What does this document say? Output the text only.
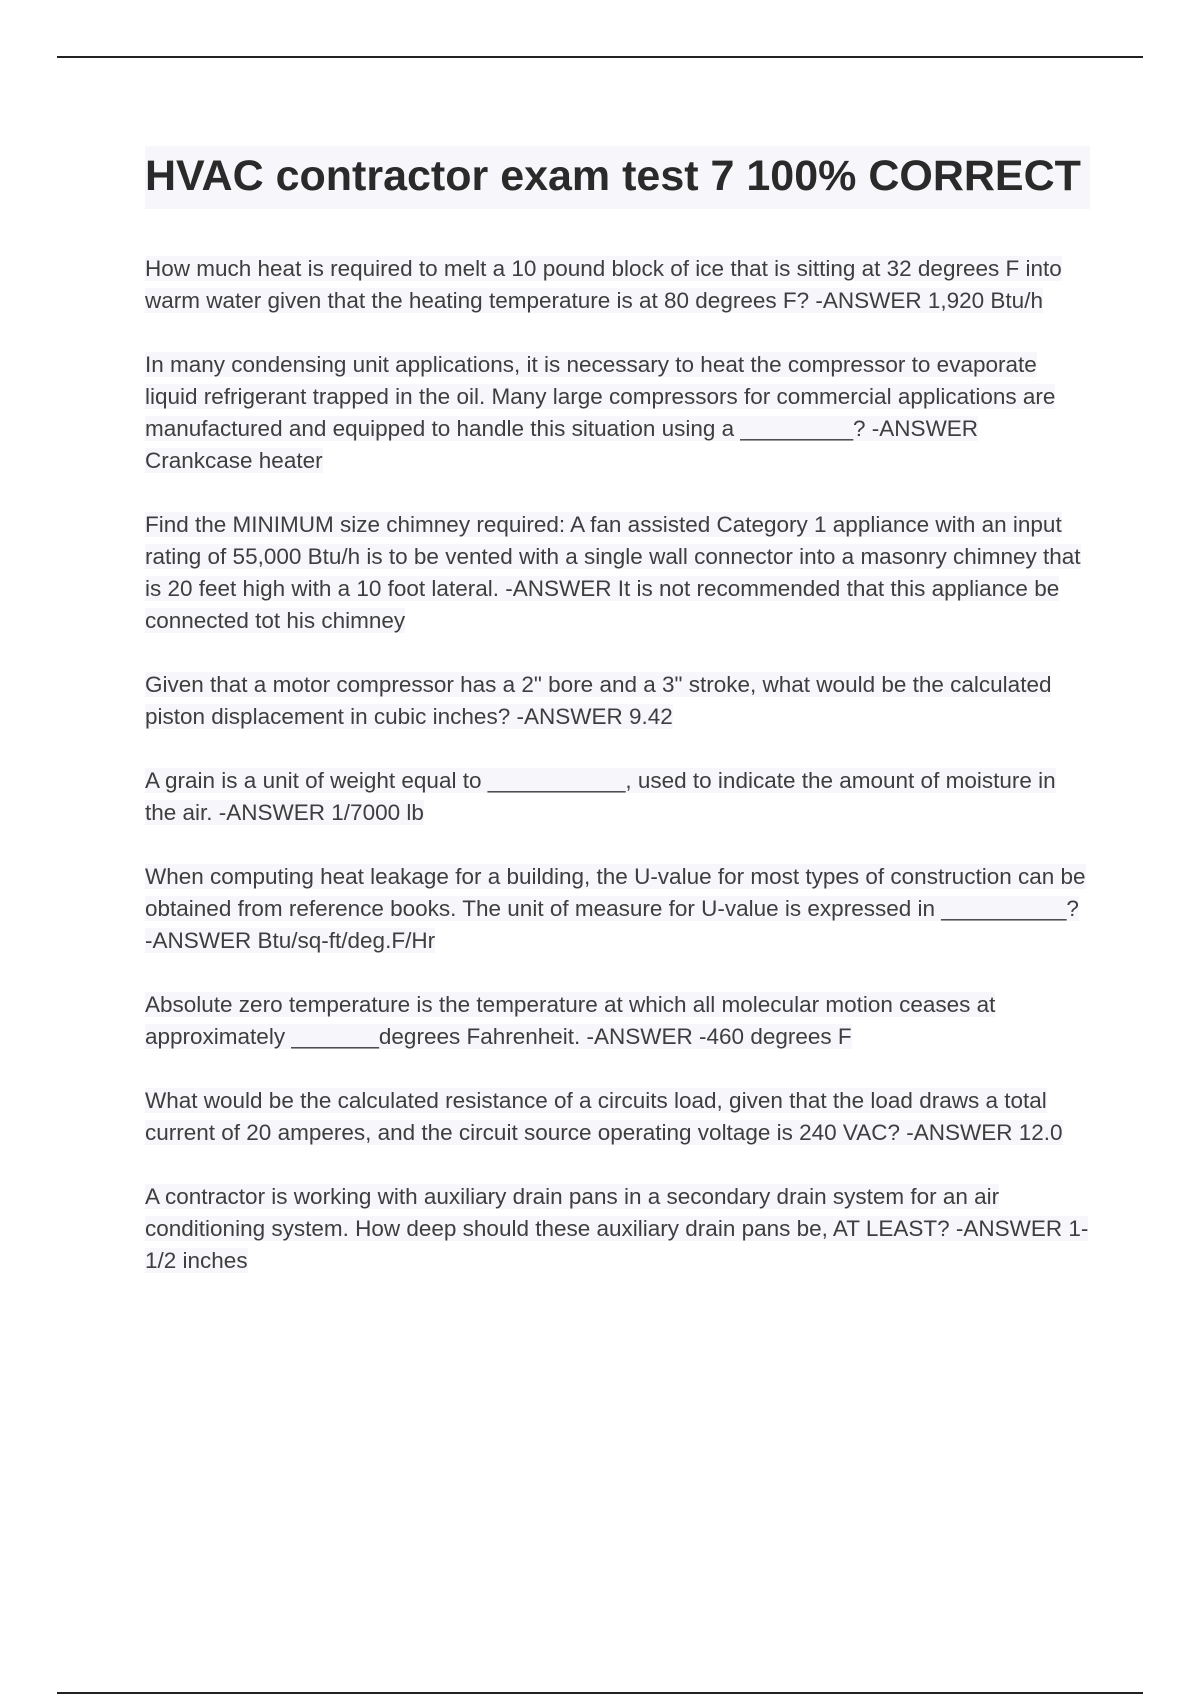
HVAC contractor exam test 7 100% CORRECT

How much heat is required to melt a 10 pound block of ice that is sitting at 32 degrees F into warm water given that the heating temperature is at 80 degrees F? -ANSWER 1,920 Btu/h

In many condensing unit applications, it is necessary to heat the compressor to evaporate liquid refrigerant trapped in the oil. Many large compressors for commercial applications are manufactured and equipped to handle this situation using a _________? -ANSWER Crankcase heater

Find the MINIMUM size chimney required: A fan assisted Category 1 appliance with an input rating of 55,000 Btu/h is to be vented with a single wall connector into a masonry chimney that is 20 feet high with a 10 foot lateral. -ANSWER It is not recommended that this appliance be connected tot his chimney

Given that a motor compressor has a 2" bore and a 3" stroke, what would be the calculated piston displacement in cubic inches? -ANSWER 9.42

A grain is a unit of weight equal to ___________, used to indicate the amount of moisture in the air. -ANSWER 1/7000 lb

When computing heat leakage for a building, the U-value for most types of construction can be obtained from reference books. The unit of measure for U-value is expressed in __________? -ANSWER Btu/sq-ft/deg.F/Hr

Absolute zero temperature is the temperature at which all molecular motion ceases at approximately _______degrees Fahrenheit. -ANSWER -460 degrees F

What would be the calculated resistance of a circuits load, given that the load draws a total current of 20 amperes, and the circuit source operating voltage is 240 VAC? -ANSWER 12.0

A contractor is working with auxiliary drain pans in a secondary drain system for an air conditioning system. How deep should these auxiliary drain pans be, AT LEAST? -ANSWER 1-1/2 inches
